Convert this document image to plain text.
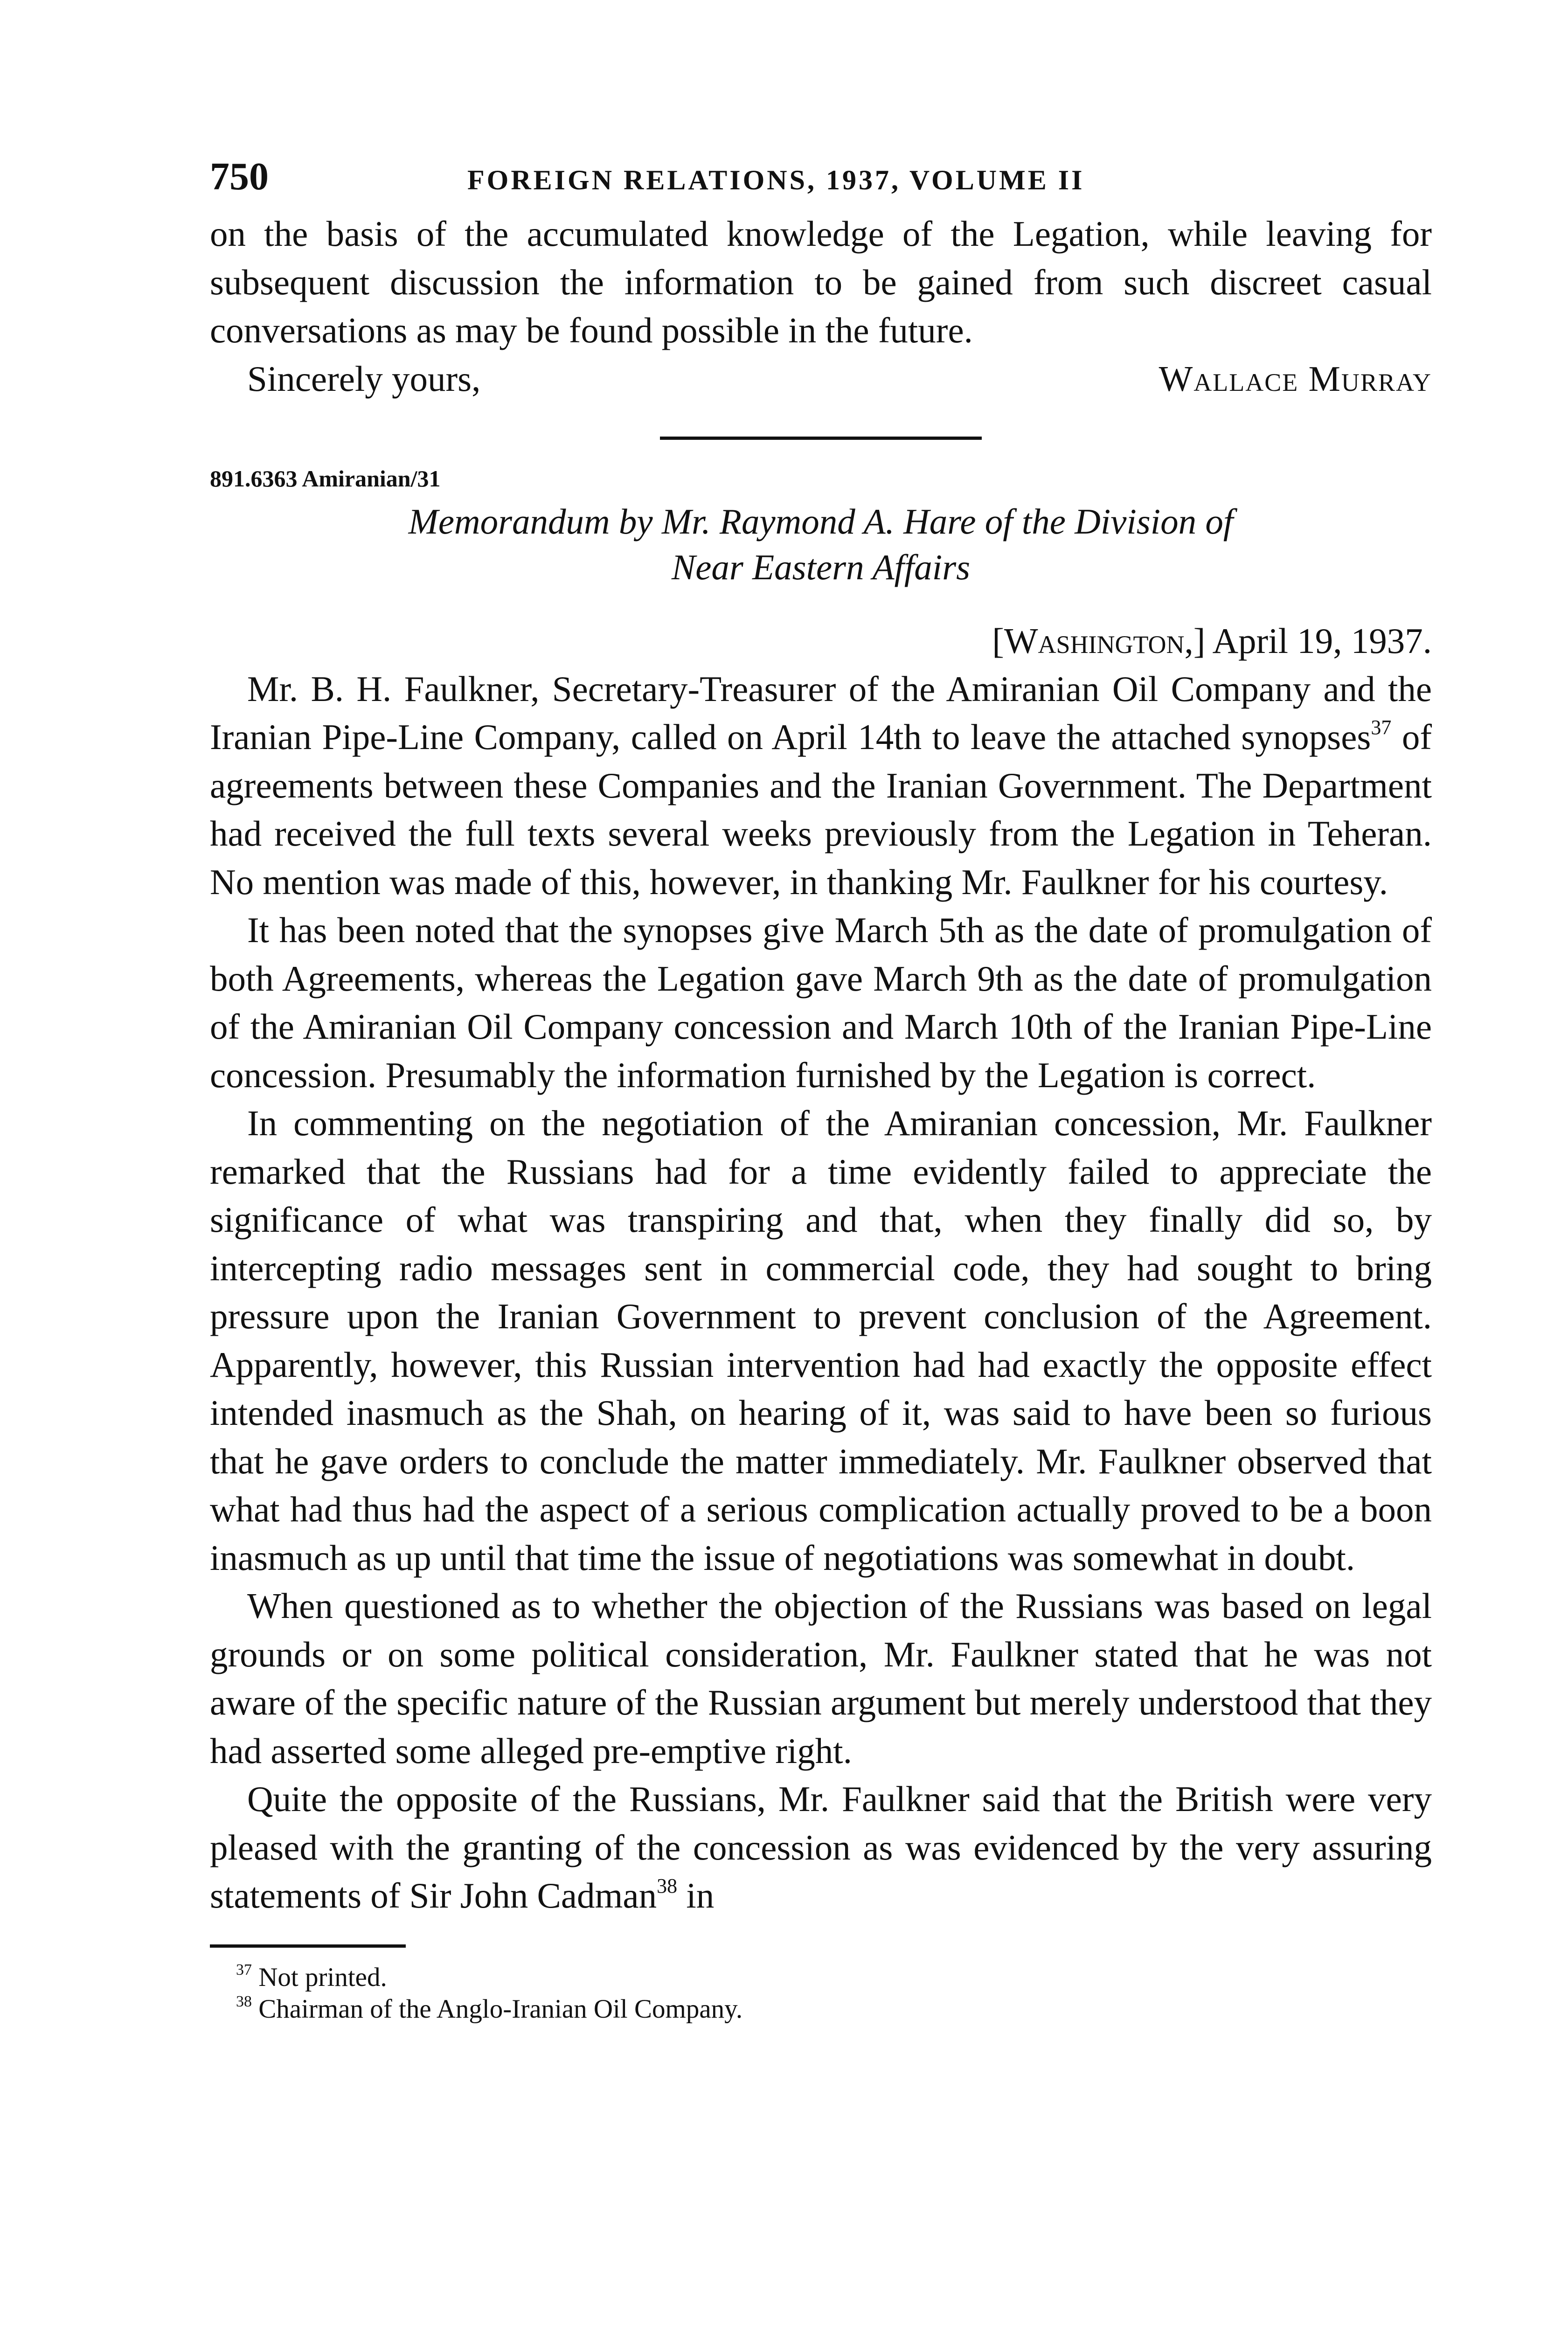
750	FOREIGN RELATIONS, 1937, VOLUME II

on the basis of the accumulated knowledge of the Legation, while leaving for subsequent discussion the information to be gained from such discreet casual conversations as may be found possible in the future.

Sincerely yours,	Wallace Murray
891.6363 Amiranian/31
Memorandum by Mr. Raymond A. Hare of the Division of
Near Eastern Affairs
[Washington,] April 19, 1937.

Mr. B. H. Faulkner, Secretary-Treasurer of the Amiranian Oil Company and the Iranian Pipe-Line Company, called on April 14th to leave the attached synopses$^{37}$ of agreements between these Companies and the Iranian Government. The Department had received the full texts several weeks previously from the Legation in Teheran. No mention was made of this, however, in thanking Mr. Faulkner for his courtesy.

It has been noted that the synopses give March 5th as the date of promulgation of both Agreements, whereas the Legation gave March 9th as the date of promulgation of the Amiranian Oil Company concession and March 10th of the Iranian Pipe-Line concession. Presumably the information furnished by the Legation is correct.

In commenting on the negotiation of the Amiranian concession, Mr. Faulkner remarked that the Russians had for a time evidently failed to appreciate the significance of what was transpiring and that, when they finally did so, by intercepting radio messages sent in commercial code, they had sought to bring pressure upon the Iranian Government to prevent conclusion of the Agreement. Apparently, however, this Russian intervention had had exactly the opposite effect intended inasmuch as the Shah, on hearing of it, was said to have been so furious that he gave orders to conclude the matter immediately. Mr. Faulkner observed that what had thus had the aspect of a serious complication actually proved to be a boon inasmuch as up until that time the issue of negotiations was somewhat in doubt.

When questioned as to whether the objection of the Russians was based on legal grounds or on some political consideration, Mr. Faulkner stated that he was not aware of the specific nature of the Russian argument but merely understood that they had asserted some alleged pre-emptive right.

Quite the opposite of the Russians, Mr. Faulkner said that the British were very pleased with the granting of the concession as was evidenced by the very assuring statements of Sir John Cadman$^{38}$ in

$^{37}$ Not printed.
$^{38}$ Chairman of the Anglo-Iranian Oil Company.
